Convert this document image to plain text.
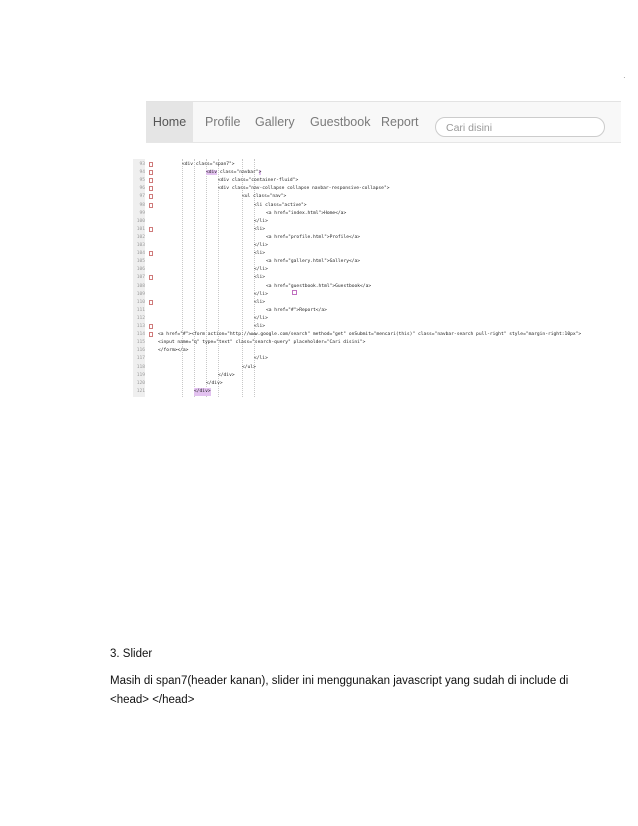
·
Home	Profile Gallery Guestbook Report	Cari disini
93	<div class="span7">
94	<div class="navbar">
95	<div class="container-fluid">
96	<div class="nav-collapse collapse navbar-responsive-collapse">
97	<ul class="nav">
98	<li class="active">
99	<a href="index.html">Home</a>
100	</li>
101	<li>
102	<a href="profile.html">Profile</a>
103	</li>
104	<li>
105	<a href="gallery.html">Gallery</a>
106	</li>
107	<li>
108	<a href="guestbook.html">Guestbook</a>
109	</li>
110	<li>
111	<a href="#">Report</a>
112	</li>
113	<li>
114	<a href="#"><form action="http://www.google.com/search" method="get" onSubmit="mencari(this)" class="navbar-search pull-right" style="margin-right:10px">
115	<input name="q" type="text" class="search-query" placeholder="Cari disini">
116	</form></a>
117	</li>
118	</ul>
119	</div>
120	</div>
121	</div>
3. Slider
Masih di span7(header kanan), slider ini menggunakan javascript yang sudah di include di
<head> </head>
